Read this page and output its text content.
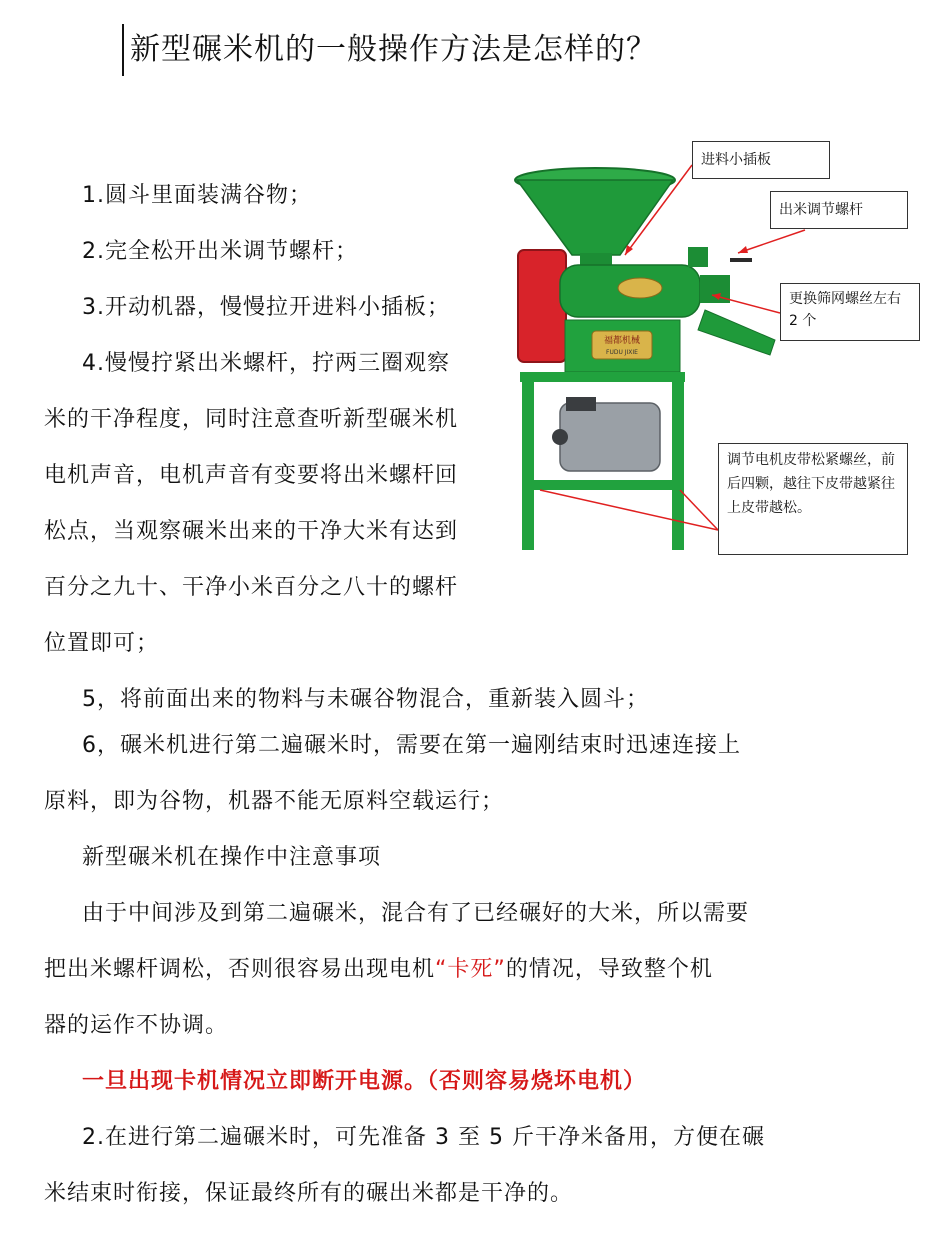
新型碾米机的一般操作方法是怎样的？

1.圆斗里面装满谷物；

2.完全松开出米调节螺杆；

3.开动机器，慢慢拉开进料小插板；

4.慢慢拧紧出米螺杆，拧两三圈观察

米的干净程度，同时注意查听新型碾米机

电机声音，电机声音有变要将出米螺杆回

松点，当观察碾米出来的干净大米有达到

百分之九十、干净小米百分之八十的螺杆

位置即可；

5，将前面出来的物料与未碾谷物混合，重新装入圆斗；

6，碾米机进行第二遍碾米时，需要在第一遍刚结束时迅速连接上

原料，即为谷物，机器不能无原料空载运行；

新型碾米机在操作中注意事项

由于中间涉及到第二遍碾米，混合有了已经碾好的大米，所以需要

把出米螺杆调松，否则很容易出现电机“卡死”的情况，导致整个机

器的运作不协调。

一旦出现卡机情况立即断开电源。（否则容易烧坏电机）

2.在进行第二遍碾米时，可先准备 3 至 5 斤干净米备用，方便在碾

米结束时衔接，保证最终所有的碾出米都是干净的。

福都机械
FUDU JIXIE
进料小插板
出米调节螺杆
更换筛网螺丝左右 2 个
调节电机皮带松紧螺丝，前后四颗，越往下皮带越紧往上皮带越松。
